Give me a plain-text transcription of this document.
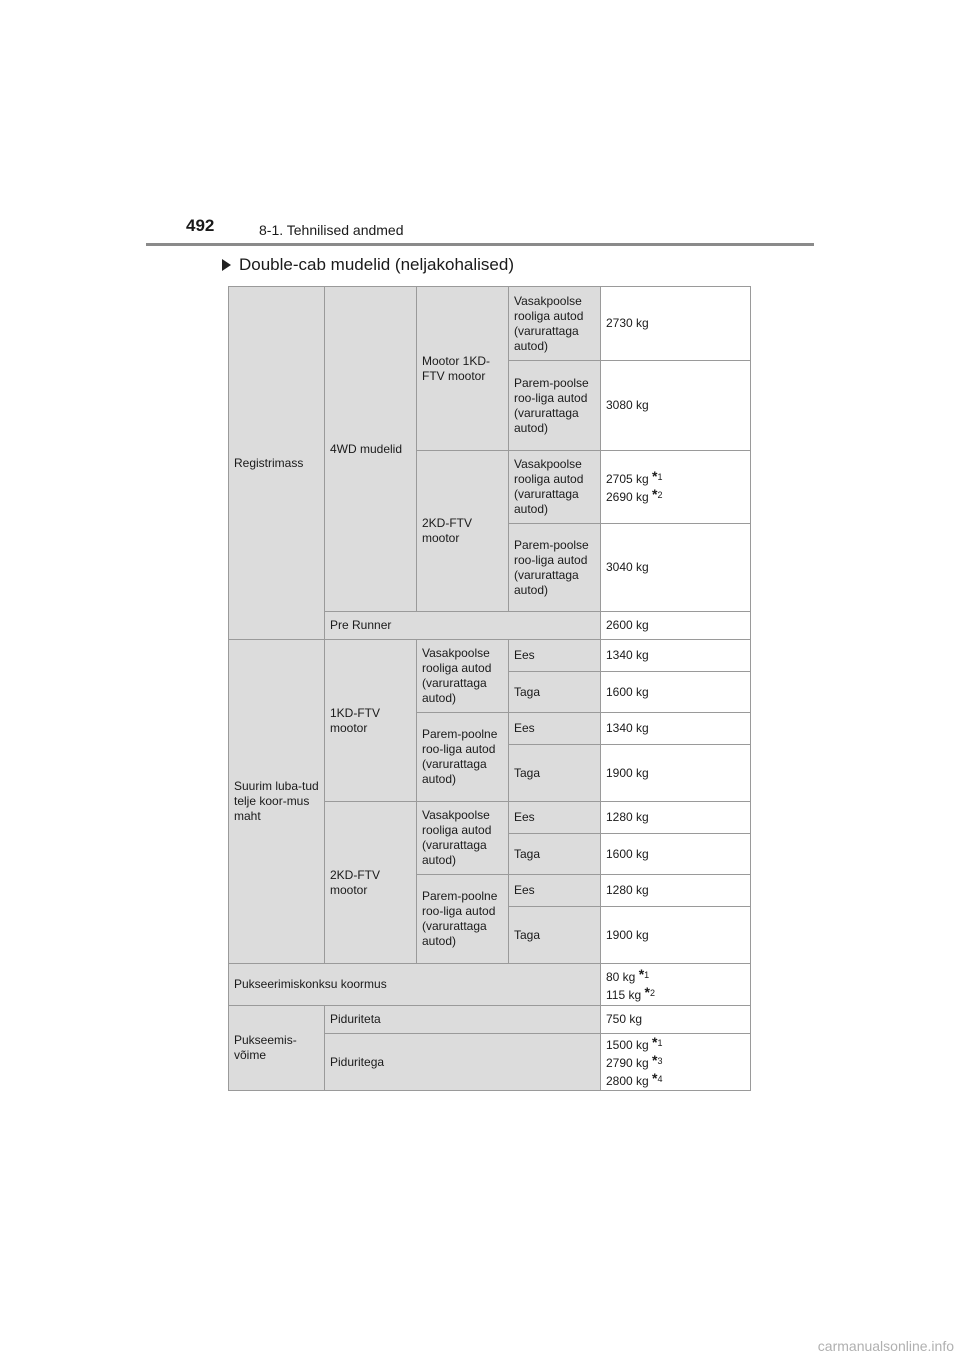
492	8-1. Tehnilised andmed
Double-cab mudelid (neljakohalised)
Registrimass	4WD mudelid	Mootor 1KD-FTV mootor	Vasakpoolse rooliga autod (varurattaga autod)	2730 kg
			Parem-poolse roo-liga autod (varurattaga autod)	3080 kg
		2KD-FTV mootor	Vasakpoolse rooliga autod (varurattaga autod)	2705 kg *$^1$
2690 kg *$^2$

			Parem-poolse roo-liga autod (varurattaga autod)	3040 kg
	Pre Runner			2600 kg
Suurim luba-tud telje koor-mus maht	1KD-FTV mootor	Vasakpoolse rooliga autod (varurattaga autod)	Ees	1340 kg
			Taga	1600 kg
		Parem-poolne roo-liga autod (varurattaga autod)	Ees	1340 kg
			Taga	1900 kg
	2KD-FTV mootor	Vasakpoolse rooliga autod (varurattaga autod)	Ees	1280 kg
			Taga	1600 kg
		Parem-poolne roo-liga autod (varurattaga autod)	Ees	1280 kg
			Taga	1900 kg
Pukseerimiskonksu koormus				80 kg *$^1$
115 kg *$^2$

Pukseemis-võime	Piduriteta			750 kg
	Piduritega			1500 kg *$^1$
2790 kg *$^3$
2800 kg *$^4$
carmanualsonline.info
